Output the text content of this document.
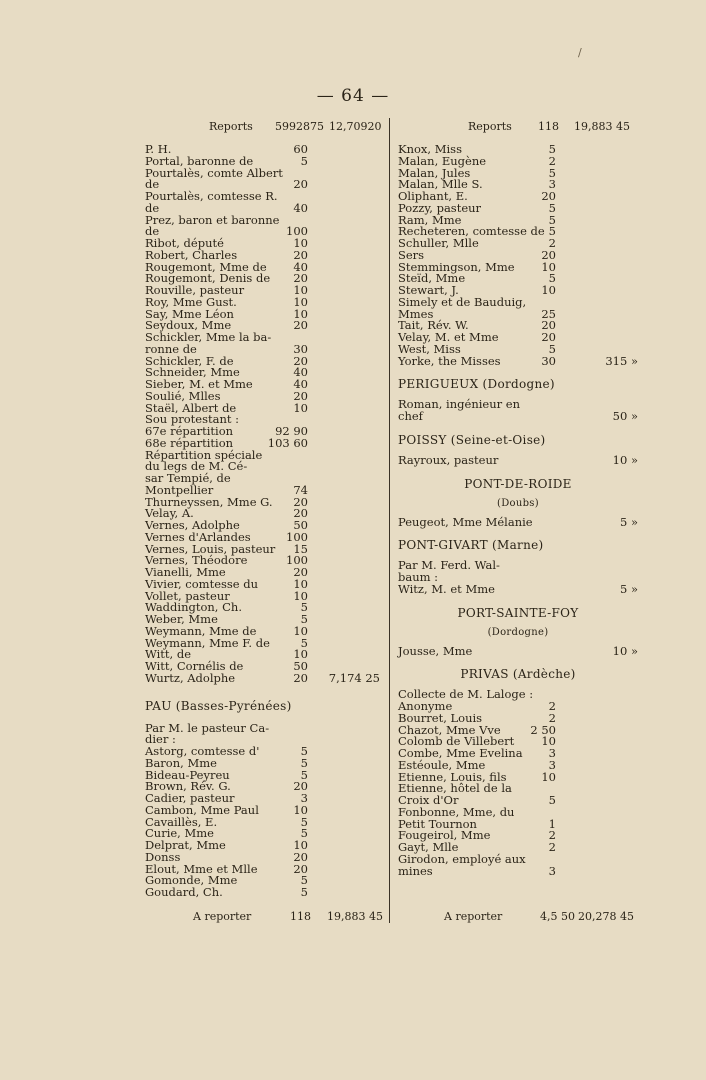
— 64 —
/
Reports 5992875 12,70920
P. H.	60
Portal, baronne de	5
Pourtalès, comte Albert
de	20
Pourtalès, comtesse R.
de	40
Prez, baron et baronne
de	100
Ribot, député	10
Robert, Charles	20
Rougemont, Mme de 40
Rougemont, Denis de 20
Rouville, pasteur	10
Roy, Mme Gust.	10
Say, Mme Léon	10
Seydoux, Mme	20
Schickler, Mme la ba-
ronne de	30
Schickler, F. de	20
Schneider, Mme	40
Sieber, M. et Mme	40
Soulié, Mlles	20
Staël, Albert de	10
Sou protestant :
67e répartition	92 90
68e répartition	103 60
Répartition spéciale
du legs de M. Cé-
sar Tempié, de
Montpellier	74
Thurneyssen, Mme G. 20
Velay, A.	20
Vernes, Adolphe	50
Vernes d'Arlandes	100
Vernes, Louis, pasteur 15
Vernes, Théodore	100
Vianelli, Mme	20
Vivier, comtesse du	10
Vollet, pasteur	10
Waddington, Ch.	5
Weber, Mme	5
Weymann, Mme de	10
Weymann, Mme F. de	5
Witt, de	10
Witt, Cornélis de	50
Wurtz, Adolphe	20 7,174 25
PAU (Basses-Pyrénées)
Par M. le pasteur Ca-
dier :
Astorg, comtesse d'	5
Baron, Mme	5
Bideau-Peyreu	5
Brown, Rév. G.	20
Cadier, pasteur	3
Cambon, Mme Paul	10
Cavaillès, E.	5
Curie, Mme	5
Delprat, Mme	10
Donss	20
Elout, Mme et Mlle	20
Gomonde, Mme	5
Goudard, Ch.	5
A reporter	118 19,883 45
Reports 118 19,883 45
Knox, Miss	5
Malan, Eugène	2
Malan, Jules	5
Malan, Mlle S.	3
Oliphant, E.	20
Pozzy, pasteur	5
Ram, Mme	5
Recheteren, comtesse de 5
Schuller, Mlle	2
Sers	20
Stemmingson, Mme 10
Steïd, Mme	5
Stewart, J.	10
Simely et de Bauduig,
Mmes	25
Tait, Rév. W.	20
Velay, M. et Mme	20
West, Miss	5
Yorke, the Misses	30	315 »
PERIGUEUX (Dordogne)
Roman, ingénieur en
chef	50 »
POISSY (Seine-et-Oise)
Rayroux, pasteur	10 »
PONT-DE-ROIDE
(Doubs)
Peugeot, Mme Mélanie	5 »
PONT-GIVART (Marne)
Par M. Ferd. Wal-
baum :
Witz, M. et Mme	5 »
PORT-SAINTE-FOY
(Dordogne)
Jousse, Mme	10 »
PRIVAS (Ardèche)
Collecte de M. Laloge :
Anonyme	2
Bourret, Louis	2
Chazot, Mme Vve	2 50
Colomb de Villebert 10
Combe, Mme Evelina 3
Estéoule, Mme	3
Etienne, Louis, fils	10
Etienne, hôtel de la
Croix d'Or	5
Fonbonne, Mme, du
Petit Tournon	1
Fougeirol, Mme	2
Gayt, Mlle	2
Girodon, employé aux
mines	3
A reporter	4,5 50 20,278 45
